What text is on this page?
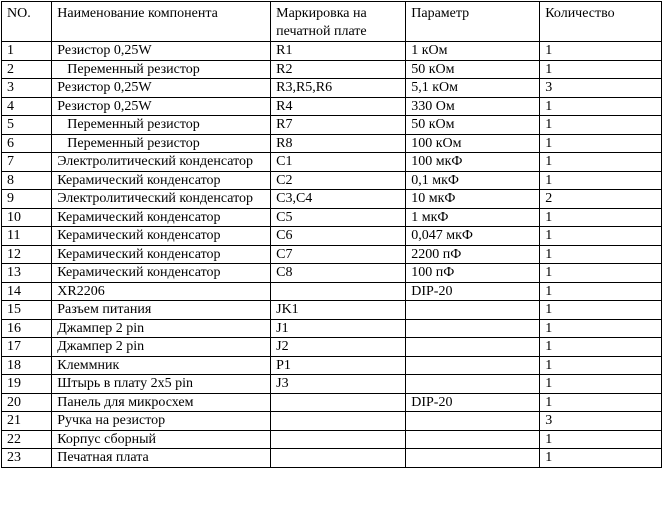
NO.	Наименование компонента	Маркировка на печатной плате	Параметр	Количество
1	Резистор 0,25W	R1	1 кОм	1
2	Переменный резистор	R2	50 кОм	1
3	Резистор 0,25W	R3,R5,R6	5,1 кОм	3
4	Резистор 0,25W	R4	330 Ом	1
5	Переменный резистор	R7	50 кОм	1
6	Переменный резистор	R8	100 кОм	1
7	Электролитический конденсатор	C1	100 мкФ	1
8	Керамический конденсатор	C2	0,1 мкФ	1
9	Электролитический конденсатор	C3,C4	10 мкФ	2
10	Керамический конденсатор	C5	1 мкФ	1
11	Керамический конденсатор	C6	0,047 мкФ	1
12	Керамический конденсатор	C7	2200 пФ	1
13	Керамический конденсатор	C8	100 пФ	1
14	XR2206		DIP-20	1
15	Разъем питания	JK1		1
16	Джампер 2 pin	J1		1
17	Джампер 2 pin	J2		1
18	Клеммник	P1		1
19	Штырь в плату 2x5 pin	J3		1
20	Панель для микросхем		DIP-20	1
21	Ручка на резистор			3
22	Корпус сборный			1
23	Печатная плата			1
